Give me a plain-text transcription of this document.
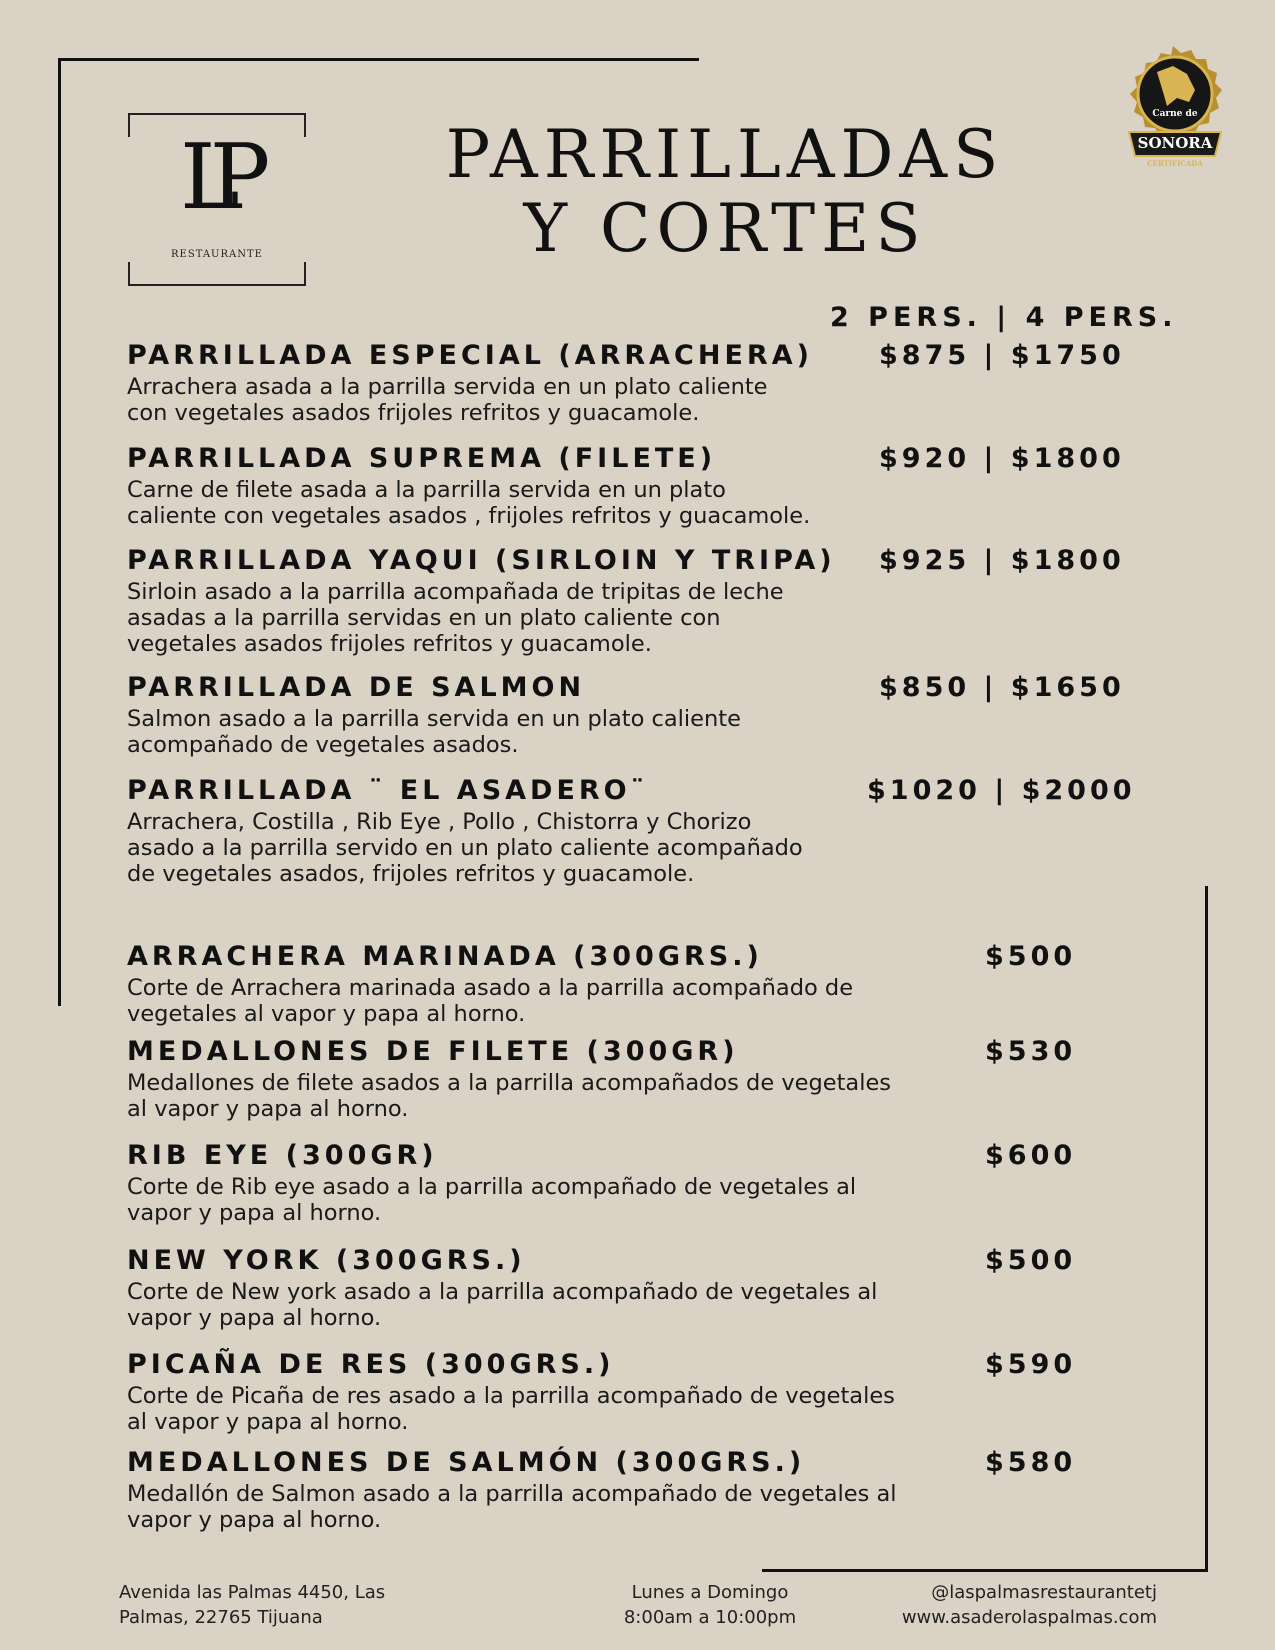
LP
RESTAURANTE
PARRILLADAS
Y CORTES
Carne de
SONORA
CERTIFICADA
2 PERS. | 4 PERS.
PARRILLADA ESPECIAL (ARRACHERA) $875 | $1750
Arrachera asada a la parrilla servida en un plato caliente
con vegetales asados frijoles refritos y guacamole.
PARRILLADA SUPREMA (FILETE)	$920 | $1800
Carne de filete asada a la parrilla servida en un plato
caliente con vegetales asados , frijoles refritos y guacamole.
PARRILLADA YAQUI (SIRLOIN Y TRIPA) $925 | $1800
Sirloin asado a la parrilla acompañada de tripitas de leche
asadas a la parrilla servidas en un plato caliente con
vegetales asados frijoles refritos y guacamole.
PARRILLADA DE SALMON	$850 | $1650
Salmon asado a la parrilla servida en un plato caliente
acompañado de vegetales asados.
PARRILLADA ¨ EL ASADERO¨	$1020 | $2000
Arrachera, Costilla , Rib Eye , Pollo , Chistorra y Chorizo
asado a la parrilla servido en un plato caliente acompañado
de vegetales asados, frijoles refritos y guacamole.
ARRACHERA MARINADA (300GRS.)	$500
Corte de Arrachera marinada asado a la parrilla acompañado de
vegetales al vapor y papa al horno.
MEDALLONES DE FILETE (300GR)	$530
Medallones de filete asados a la parrilla acompañados de vegetales
al vapor y papa al horno.
RIB EYE (300GR)	$600
Corte de Rib eye asado a la parrilla acompañado de vegetales al
vapor y papa al horno.
NEW YORK (300GRS.)	$500
Corte de New york asado a la parrilla acompañado de vegetales al
vapor y papa al horno.
PICAÑA DE RES (300GRS.)	$590
Corte de Picaña de res asado a la parrilla acompañado de vegetales
al vapor y papa al horno.
MEDALLONES DE SALMÓN (300GRS.)	$580
Medallón de Salmon asado a la parrilla acompañado de vegetales al
vapor y papa al horno.
Avenida las Palmas 4450, Las
Palmas, 22765 Tijuana
Lunes a Domingo
8:00am a 10:00pm
@laspalmasrestaurantetj
www.asaderolaspalmas.com
